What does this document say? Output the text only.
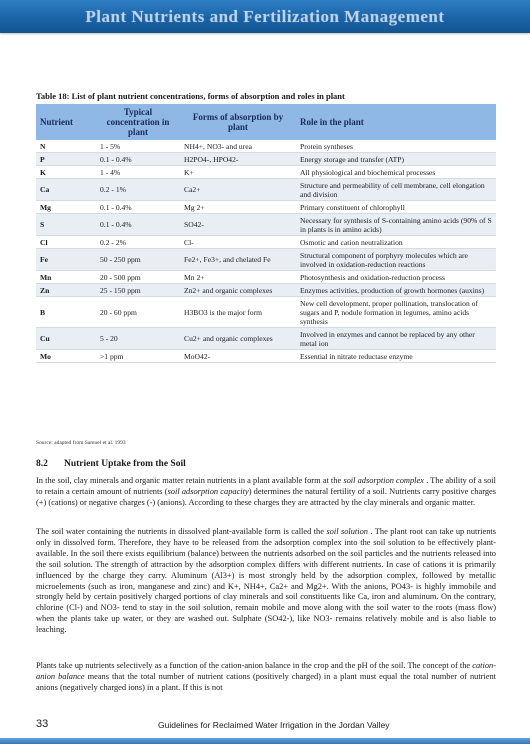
Plant Nutrients and Fertilization Management
Table 18: List of plant nutrient concentrations, forms of absorption and roles in plant
Nutrient	Typical concentration in plant	Forms of absorption by plant	Role in the plant
N	1 - 5%	NH4+, NO3- and urea	Protein syntheses
P	0.1 - 0.4%	H2PO4-, HPO42-	Energy storage and transfer (ATP)
K	1 - 4%	K+	All physiological and biochemical processes
Ca	0.2 - 1%	Ca2+	Structure and permeability of cell membrane, cell elongation and division
Mg	0.1 - 0.4%	Mg 2+	Primary constituent of chlorophyll
S	0.1 - 0.4%	SO42-	Necessary for synthesis of S-containing amino acids (90% of S in plants is in amino acids)
Cl	0.2 - 2%	Cl-	Osmotic and cation neutralization
Fe	50 - 250 ppm	Fe2+, Fe3+, and chelated Fe	Structural component of porphyry molecules which are involved in oxidation-reduction reactions
Mn	20 - 500 ppm	Mn 2+	Photosynthesis and oxidation-reduction process
Zn	25 - 150 ppm	Zn2+ and organic complexes	Enzymes activities, production of growth hormones (auxins)
B	20 - 60 ppm	H3BO3 is the major form	New cell development, proper pollination, translocation of sugars and P, nodule formation in legumes, amino acids synthesis
Cu	5 - 20	Cu2+ and organic complexes	Involved in enzymes and cannot be replaced by any other metal ion
Mo	>1 ppm	MoO42-	Essential in nitrate reductase enzyme
Source: adapted from Samuel et al. 1993
8.2 Nutrient Uptake from the Soil
In the soil, clay minerals and organic matter retain nutrients in a plant available form at the soil adsorption complex . The ability of a soil to retain a certain amount of nutrients (soil adsorption capacity) determines the natural fertility of a soil. Nutrients carry positive charges (+) (cations) or negative charges (-) (anions). According to these charges they are attracted by the clay minerals and organic matter.
The soil water containing the nutrients in dissolved plant-available form is called the soil solution . The plant root can take up nutrients only in dissolved form. Therefore, they have to be released from the adsorption complex into the soil solution to be effectively plant-available. In the soil there exists equilibrium (balance) between the nutrients adsorbed on the soil particles and the nutrients released into the soil solution. The strength of attraction by the adsorption complex differs with different nutrients. In case of cations it is primarily influenced by the charge they carry. Aluminum (Al3+) is most strongly held by the adsorption complex, followed by metallic microelements (such as iron, manganese and zinc) and K+, NH4+, Ca2+ and Mg2+. With the anions, PO43- is highly immobile and strongly held by certain positively charged portions of clay minerals and soil constituents like Ca, iron and aluminum. On the contrary, chlorine (Cl-) and NO3- tend to stay in the soil solution, remain mobile and move along with the soil water to the roots (mass flow) when the plants take up water, or they are washed out. Sulphate (SO42-), like NO3- remains relatively mobile and is also liable to leaching.
Plants take up nutrients selectively as a function of the cation-anion balance in the crop and the pH of the soil. The concept of the cation-anion balance means that the total number of nutrient cations (positively charged) in a plant must equal the total number of nutrient anions (negatively charged ions) in a plant. If this is not
33	Guidelines for Reclaimed Water Irrigation in the Jordan Valley
